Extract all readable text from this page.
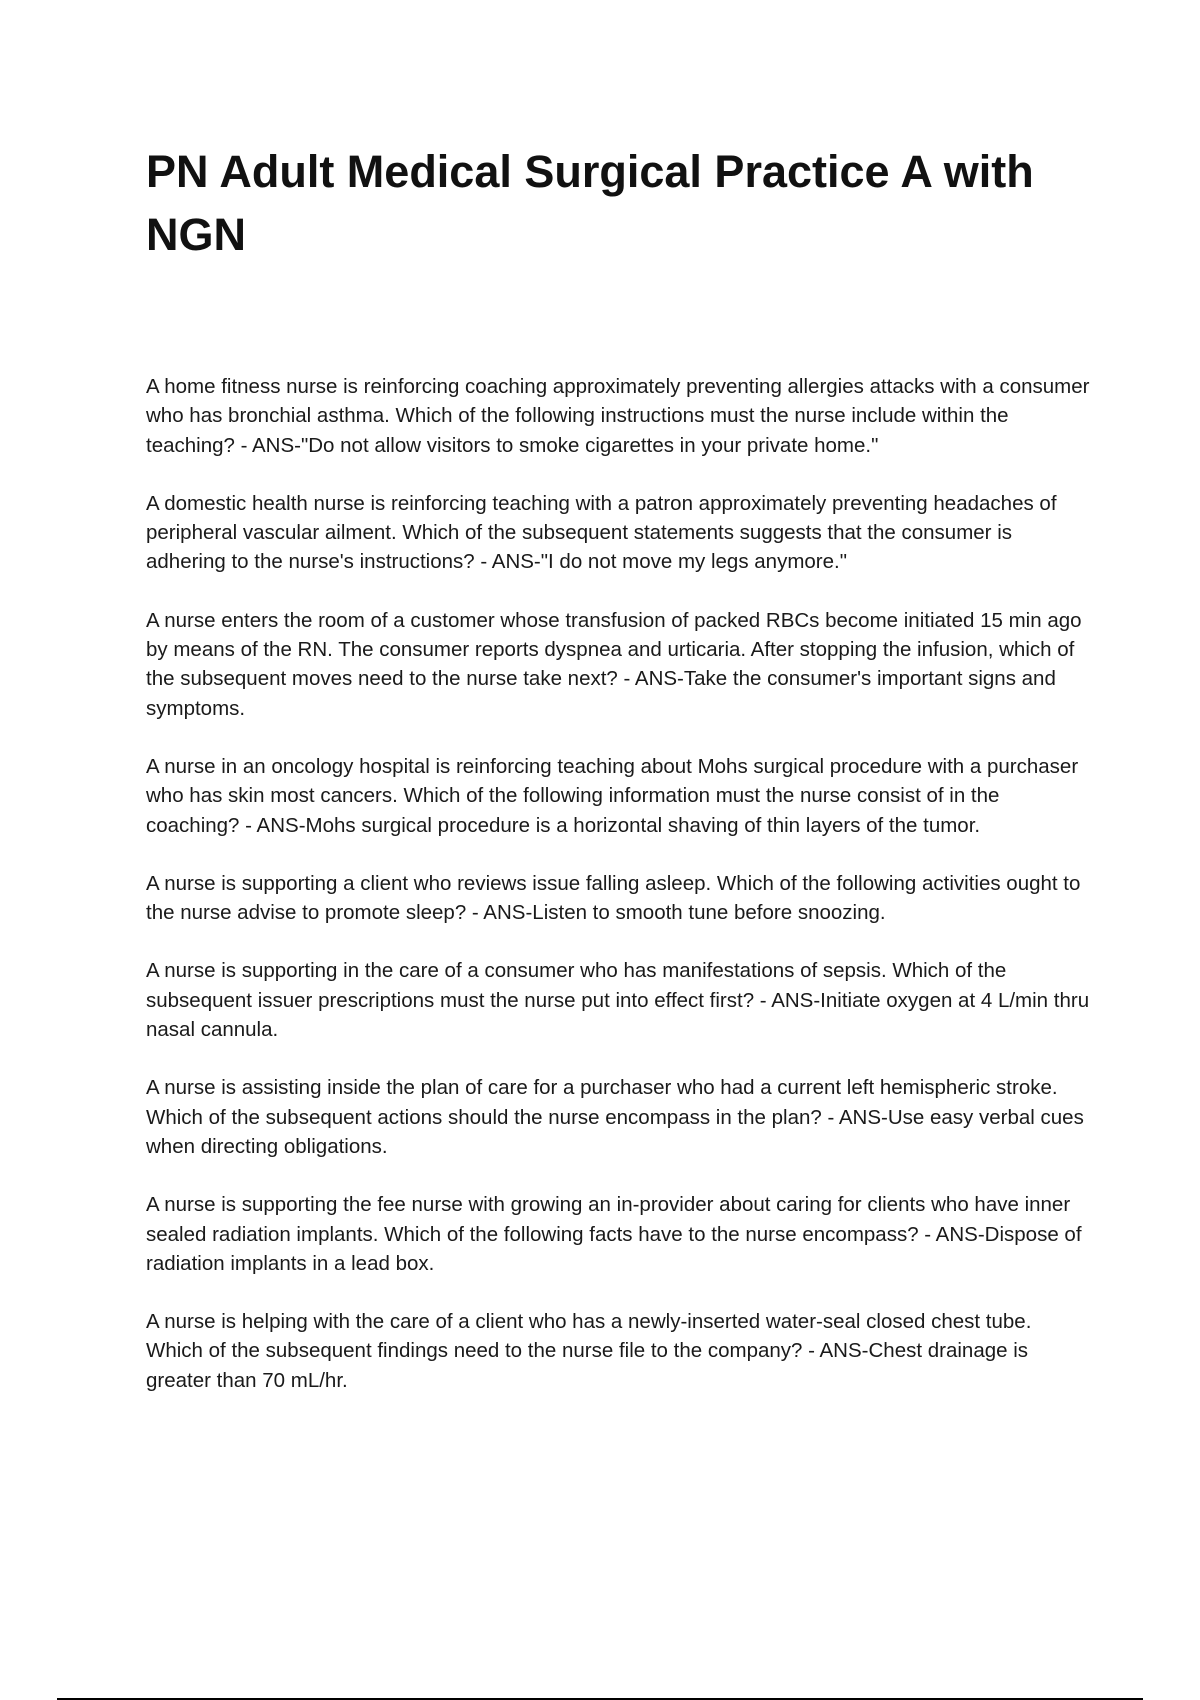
PN Adult Medical Surgical Practice A with NGN

A home fitness nurse is reinforcing coaching approximately preventing allergies attacks with a consumer who has bronchial asthma. Which of the following instructions must the nurse include within the teaching? - ANS-"Do not allow visitors to smoke cigarettes in your private home."

A domestic health nurse is reinforcing teaching with a patron approximately preventing headaches of peripheral vascular ailment. Which of the subsequent statements suggests that the consumer is adhering to the nurse's instructions? - ANS-"I do not move my legs anymore."

A nurse enters the room of a customer whose transfusion of packed RBCs become initiated 15 min ago by means of the RN. The consumer reports dyspnea and urticaria. After stopping the infusion, which of the subsequent moves need to the nurse take next? - ANS-Take the consumer's important signs and symptoms.

A nurse in an oncology hospital is reinforcing teaching about Mohs surgical procedure with a purchaser who has skin most cancers. Which of the following information must the nurse consist of in the coaching? - ANS-Mohs surgical procedure is a horizontal shaving of thin layers of the tumor.

A nurse is supporting a client who reviews issue falling asleep. Which of the following activities ought to the nurse advise to promote sleep? - ANS-Listen to smooth tune before snoozing.

A nurse is supporting in the care of a consumer who has manifestations of sepsis. Which of the subsequent issuer prescriptions must the nurse put into effect first? - ANS-Initiate oxygen at 4 L/min thru nasal cannula.

A nurse is assisting inside the plan of care for a purchaser who had a current left hemispheric stroke. Which of the subsequent actions should the nurse encompass in the plan? - ANS-Use easy verbal cues when directing obligations.

A nurse is supporting the fee nurse with growing an in-provider about caring for clients who have inner sealed radiation implants. Which of the following facts have to the nurse encompass? - ANS-Dispose of radiation implants in a lead box.

A nurse is helping with the care of a client who has a newly-inserted water-seal closed chest tube. Which of the subsequent findings need to the nurse file to the company? - ANS-Chest drainage is greater than 70 mL/hr.
